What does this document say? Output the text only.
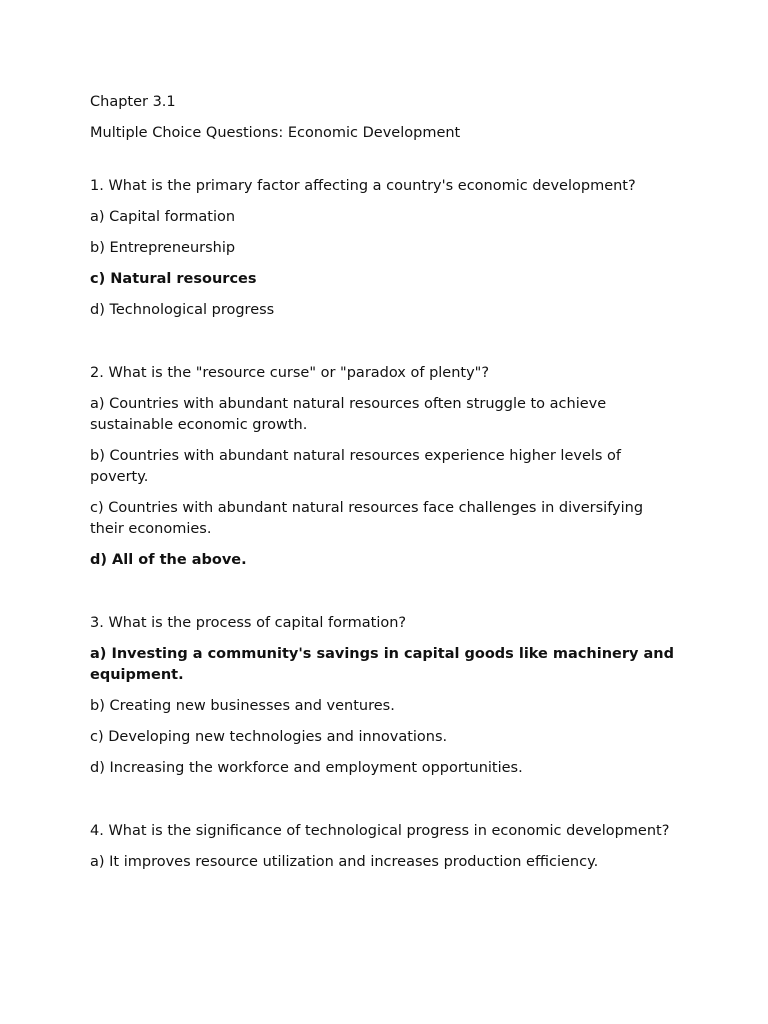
Chapter 3.1
Multiple Choice Questions: Economic Development
1. What is the primary factor affecting a country's economic development?
a) Capital formation
b) Entrepreneurship
c) Natural resources
d) Technological progress
2. What is the "resource curse" or "paradox of plenty"?
a) Countries with abundant natural resources often struggle to achieve sustainable economic growth.
b) Countries with abundant natural resources experience higher levels of poverty.
c) Countries with abundant natural resources face challenges in diversifying their economies.
d) All of the above.
3. What is the process of capital formation?
a) Investing a community's savings in capital goods like machinery and equipment.
b) Creating new businesses and ventures.
c) Developing new technologies and innovations.
d) Increasing the workforce and employment opportunities.
4. What is the significance of technological progress in economic development?
a) It improves resource utilization and increases production efficiency.
